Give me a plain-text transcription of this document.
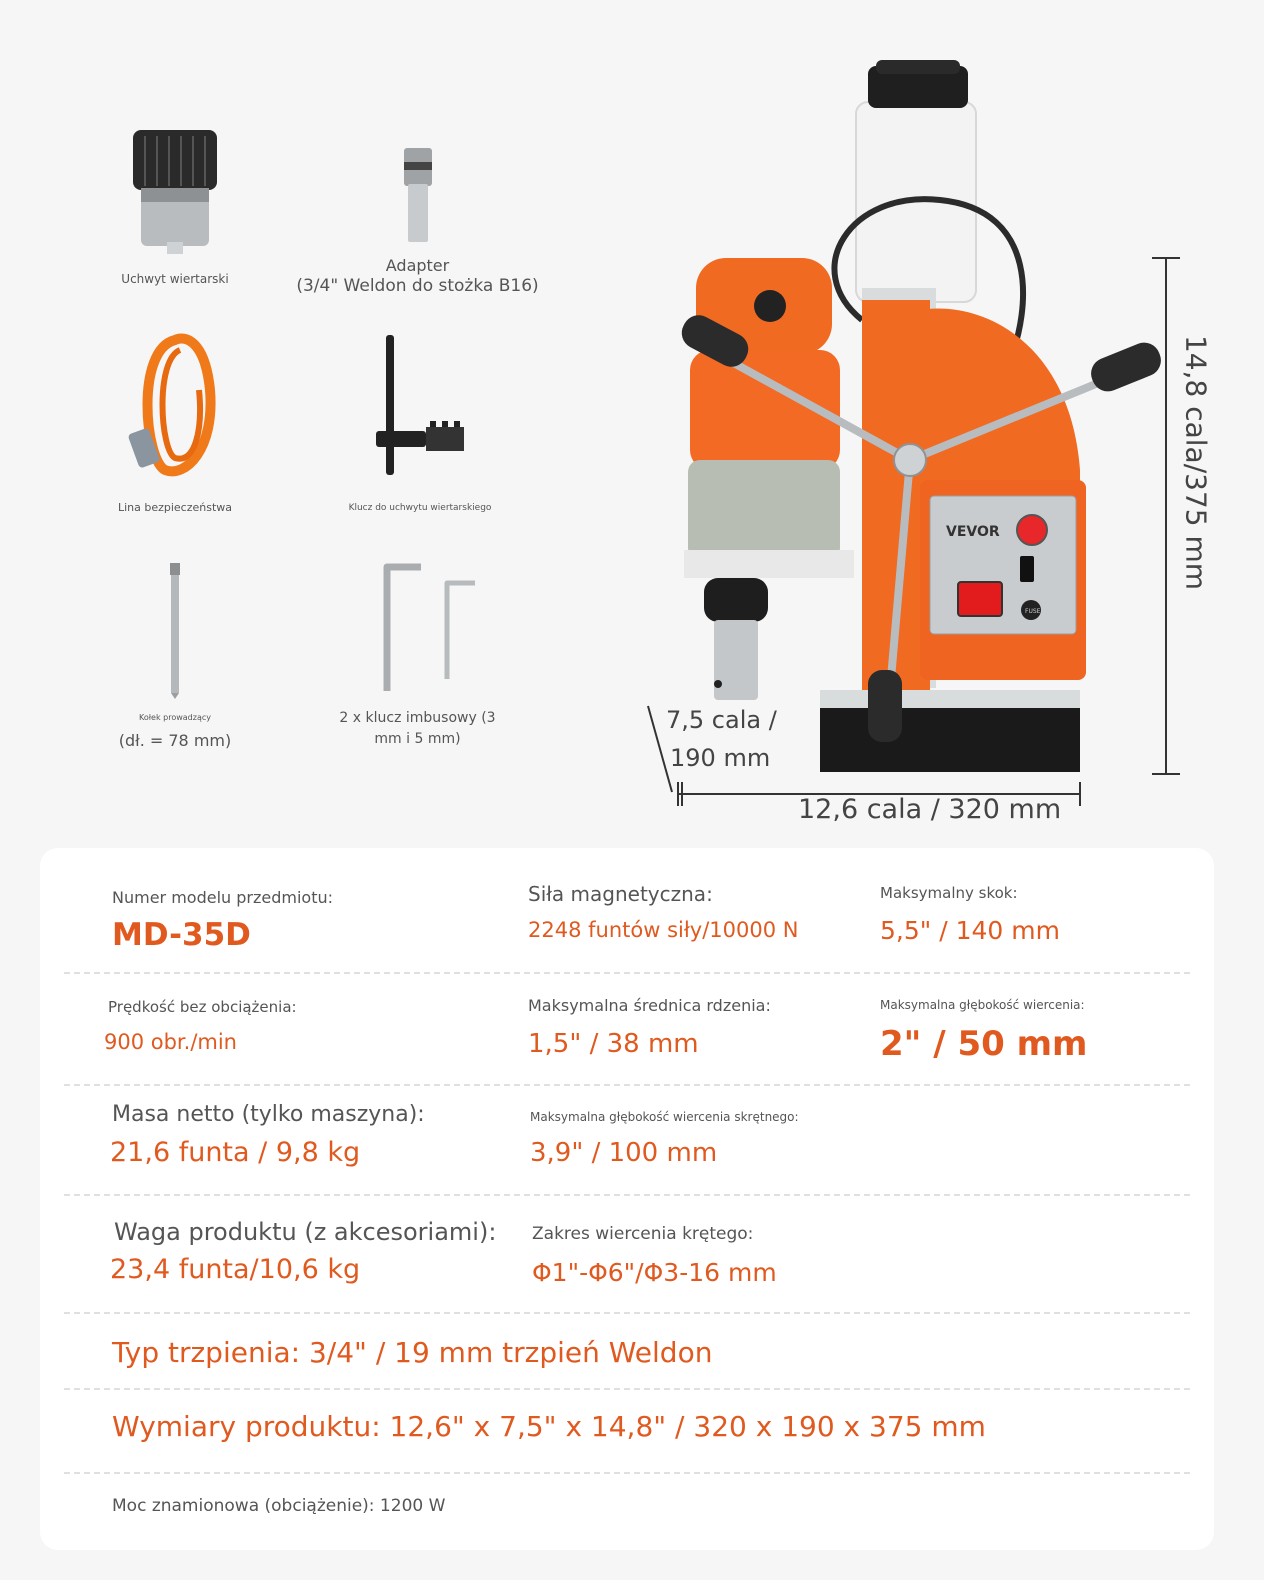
Uchwyt wiertarski
Adapter
(3/4" Weldon do stożka B16)
Lina bezpieczeństwa	Klucz do uchwytu wiertarskiego
Kołek prowadzący
(dł. = 78 mm)
2 x klucz imbusowy (3
mm i 5 mm)
VEVOR
FUSE
14,8 cala/375 mm
7,5 cala /
190 mm
12,6 cala / 320 mm
Numer modelu przedmiotu:
MD-35D
Siła magnetyczna:
2248 funtów siły/10000 N
Maksymalny skok:
5,5" / 140 mm
Prędkość bez obciążenia:
900 obr./min
Maksymalna średnica rdzenia:
1,5" / 38 mm
Maksymalna głębokość wiercenia:
2" / 50 mm
Masa netto (tylko maszyna):
21,6 funta / 9,8 kg
Maksymalna głębokość wiercenia skrętnego:
3,9" / 100 mm
Waga produktu (z akcesoriami):
23,4 funta/10,6 kg
Zakres wiercenia krętego:
Φ1"-Φ6"/Φ3-16 mm
Typ trzpienia: 3/4" / 19 mm trzpień Weldon
Wymiary produktu: 12,6" x 7,5" x 14,8" / 320 x 190 x 375 mm
Moc znamionowa (obciążenie): 1200 W
